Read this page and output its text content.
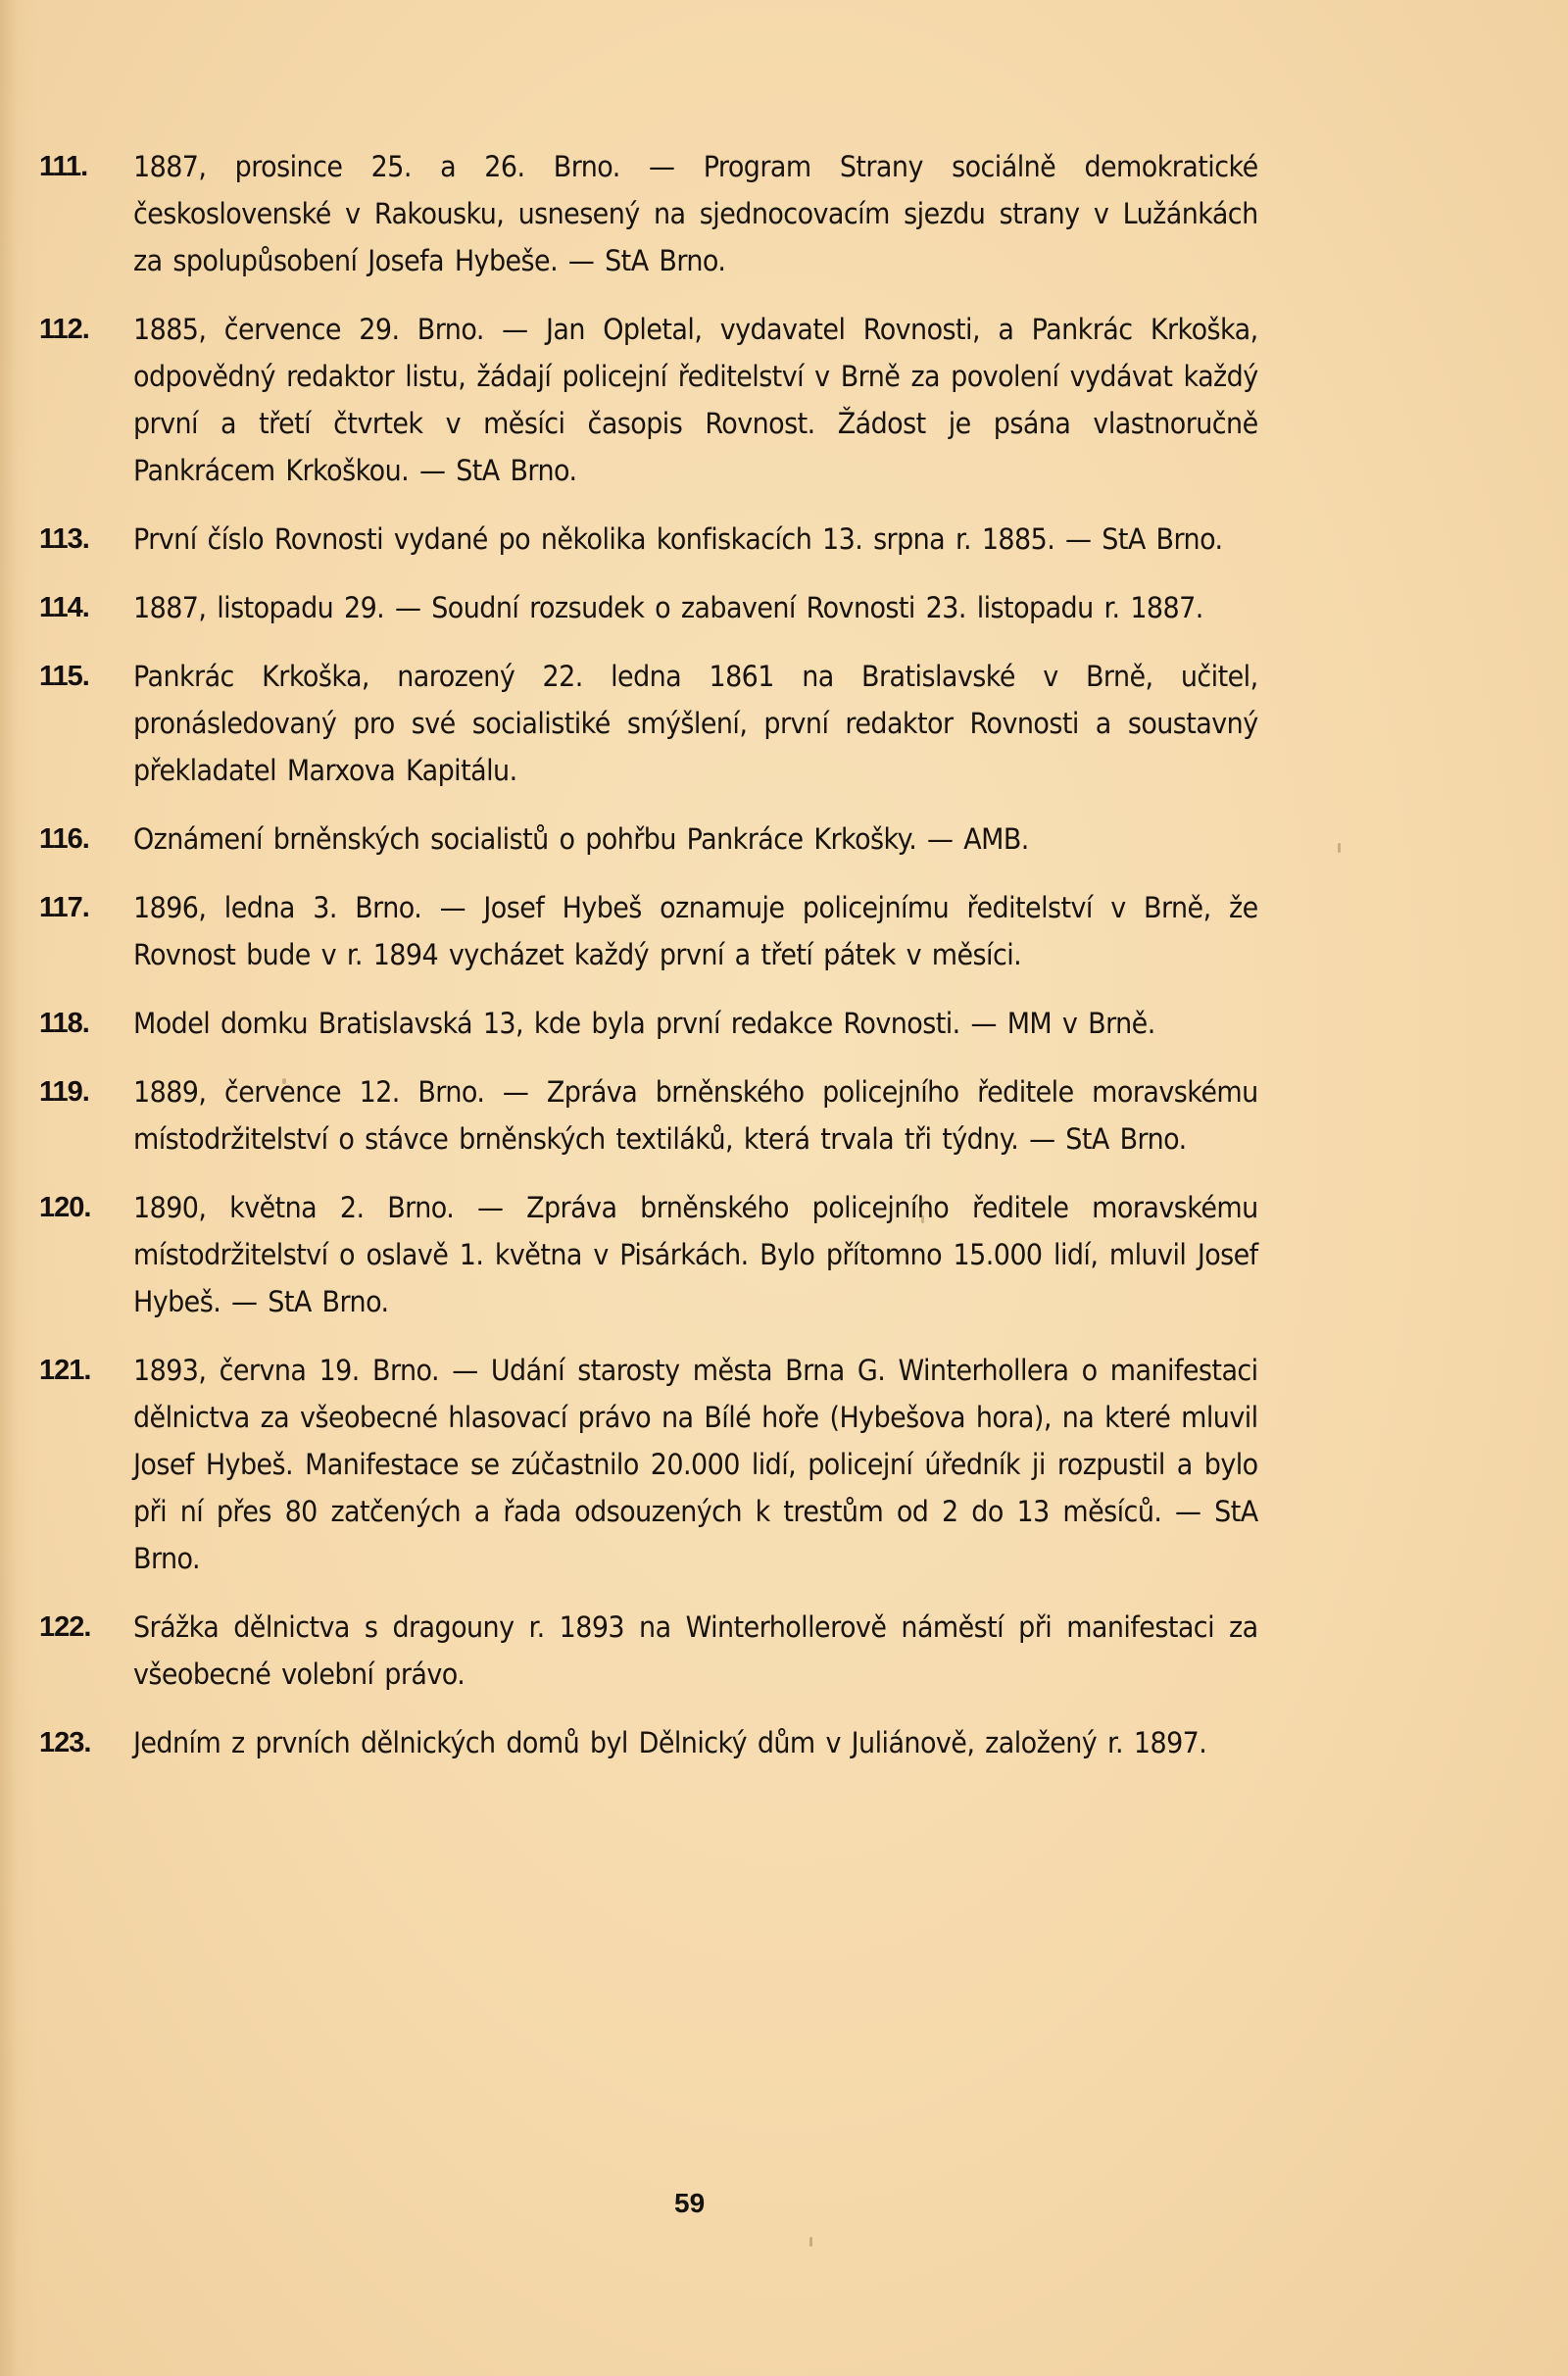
111.	1887, prosince 25. a 26. Brno. — Program Strany sociálně demokratické československé v Rakousku, usnesený na sjednocovacím sjezdu strany v Lužánkách za spolupůsobení Josefa Hybeše. — StA Brno.
112.	1885, července 29. Brno. — Jan Opletal, vydavatel Rovnosti, a Pankrác Krkoška, odpovědný redaktor listu, žádají policejní ředitelství v Brně za povolení vydávat každý první a třetí čtvrtek v měsíci časopis Rovnost. Žádost je psána vlastnoručně Pankrácem Krkoškou. — StA Brno.
113.	První číslo Rovnosti vydané po několika konfiskacích 13. srpna r. 1885. — StA Brno.
114.	1887, listopadu 29. — Soudní rozsudek o zabavení Rovnosti 23. listopadu r. 1887.
115.	Pankrác Krkoška, narozený 22. ledna 1861 na Bratislavské v Brně, učitel, pronásledovaný pro své socialistiké smýšlení, první redaktor Rovnosti a soustavný překladatel Marxova Kapitálu.
116.	Oznámení brněnských socialistů o pohřbu Pankráce Krkošky. — AMB.
117.	1896, ledna 3. Brno. — Josef Hybeš oznamuje policejnímu ředitelství v Brně, že Rovnost bude v r. 1894 vycházet každý první a třetí pátek v měsíci.
118.	Model domku Bratislavská 13, kde byla první redakce Rovnosti. — MM v Brně.
119.	1889, července 12. Brno. — Zpráva brněnského policejního ředitele moravskému místodržitelství o stávce brněnských textiláků, která trvala tři týdny. — StA Brno.
120.	1890, května 2. Brno. — Zpráva brněnského policejního ředitele moravskému místodržitelství o oslavě 1. května v Pisárkách. Bylo přítomno 15.000 lidí, mluvil Josef Hybeš. — StA Brno.
121.	1893, června 19. Brno. — Udání starosty města Brna G. Winterhollera o manifestaci dělnictva za všeobecné hlasovací právo na Bílé hoře (Hybešova hora), na které mluvil Josef Hybeš. Manifestace se zúčastnilo 20.000 lidí, policejní úředník ji rozpustil a bylo při ní přes 80 zatčených a řada odsouzených k trestům od 2 do 13 měsíců. — StA Brno.
122.	Srážka dělnictva s dragouny r. 1893 na Winterhollerově náměstí při manifestaci za všeobecné volební právo.
123.	Jedním z prvních dělnických domů byl Dělnický dům v Juliánově, založený r. 1897.
59
